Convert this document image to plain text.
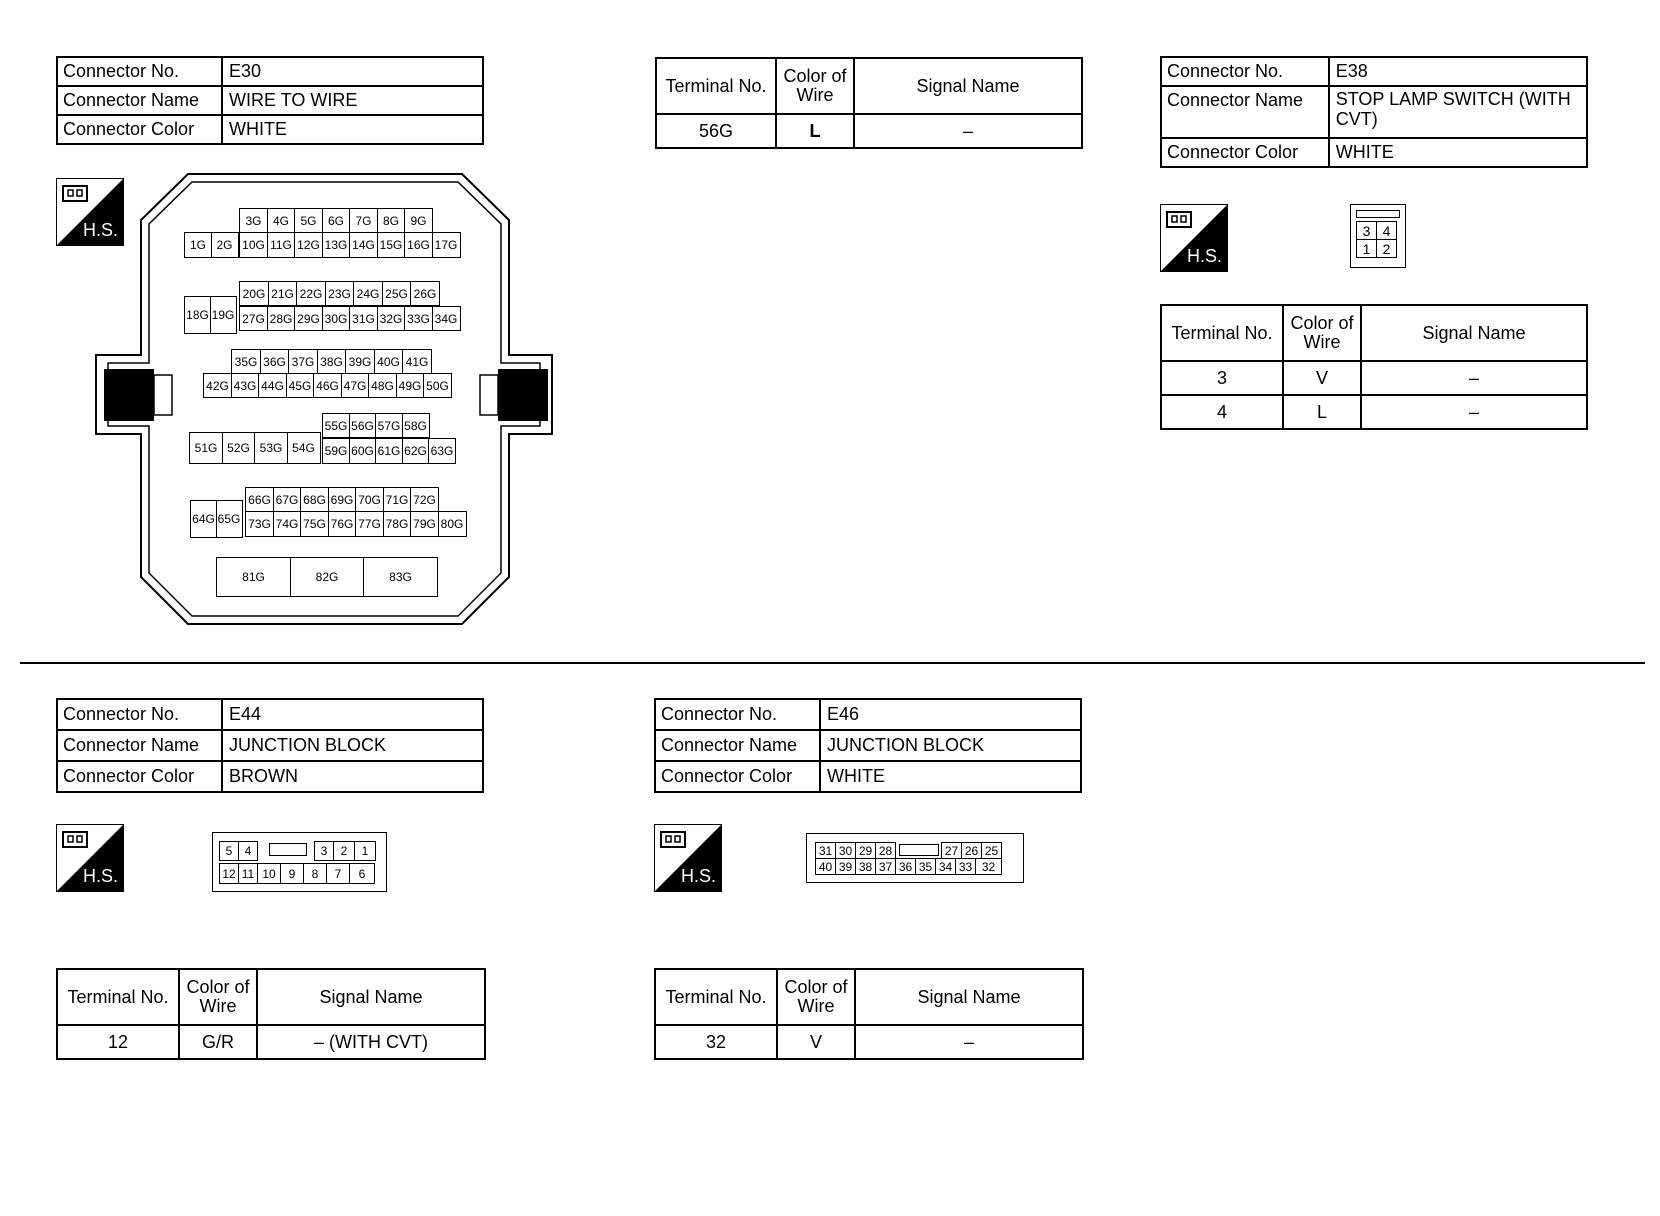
Connector No.	E30
Connector Name	WIRE TO WIRE
Connector Color	WHITE
H.S.
1G 2G
3G 4G 5G 6G 7G 8G 9G
10G 11G 12G 13G 14G 15G 16G 17G
18G 19G
20G 21G 22G 23G 24G 25G 26G
27G 28G 29G 30G 31G 32G 33G 34G
35G 36G 37G 38G 39G 40G 41G
42G 43G 44G 45G 46G 47G 48G 49G 50G
51G 52G 53G 54G
55G 56G 57G 58G
59G 60G 61G 62G 63G
64G 65G
66G 67G 68G 69G 70G 71G 72G
73G 74G 75G 76G 77G 78G 79G 80G
81G	82G	83G
Terminal No.	Color of Wire	Signal Name
56G	L	–
Connector No.	E38
Connector Name	STOP LAMP SWITCH (WITH CVT)
Connector Color	WHITE
H.S.
3 4
1 2
Terminal No.	Color of Wire	Signal Name
3	V	–
4	L	–
Connector No.	E44
Connector Name	JUNCTION BLOCK
Connector Color	BROWN
H.S.
5	4	3	2	1
12 11 10	9	8	7	6
Terminal No.	Color of Wire	Signal Name
12	G/R	– (WITH CVT)
Connector No.	E46
Connector Name	JUNCTION BLOCK
Connector Color	WHITE
H.S.
31 30 29 28	27 26 25
40 39 38 37 36 35 34 33 32
Terminal No.	Color of Wire	Signal Name
32	V	–
